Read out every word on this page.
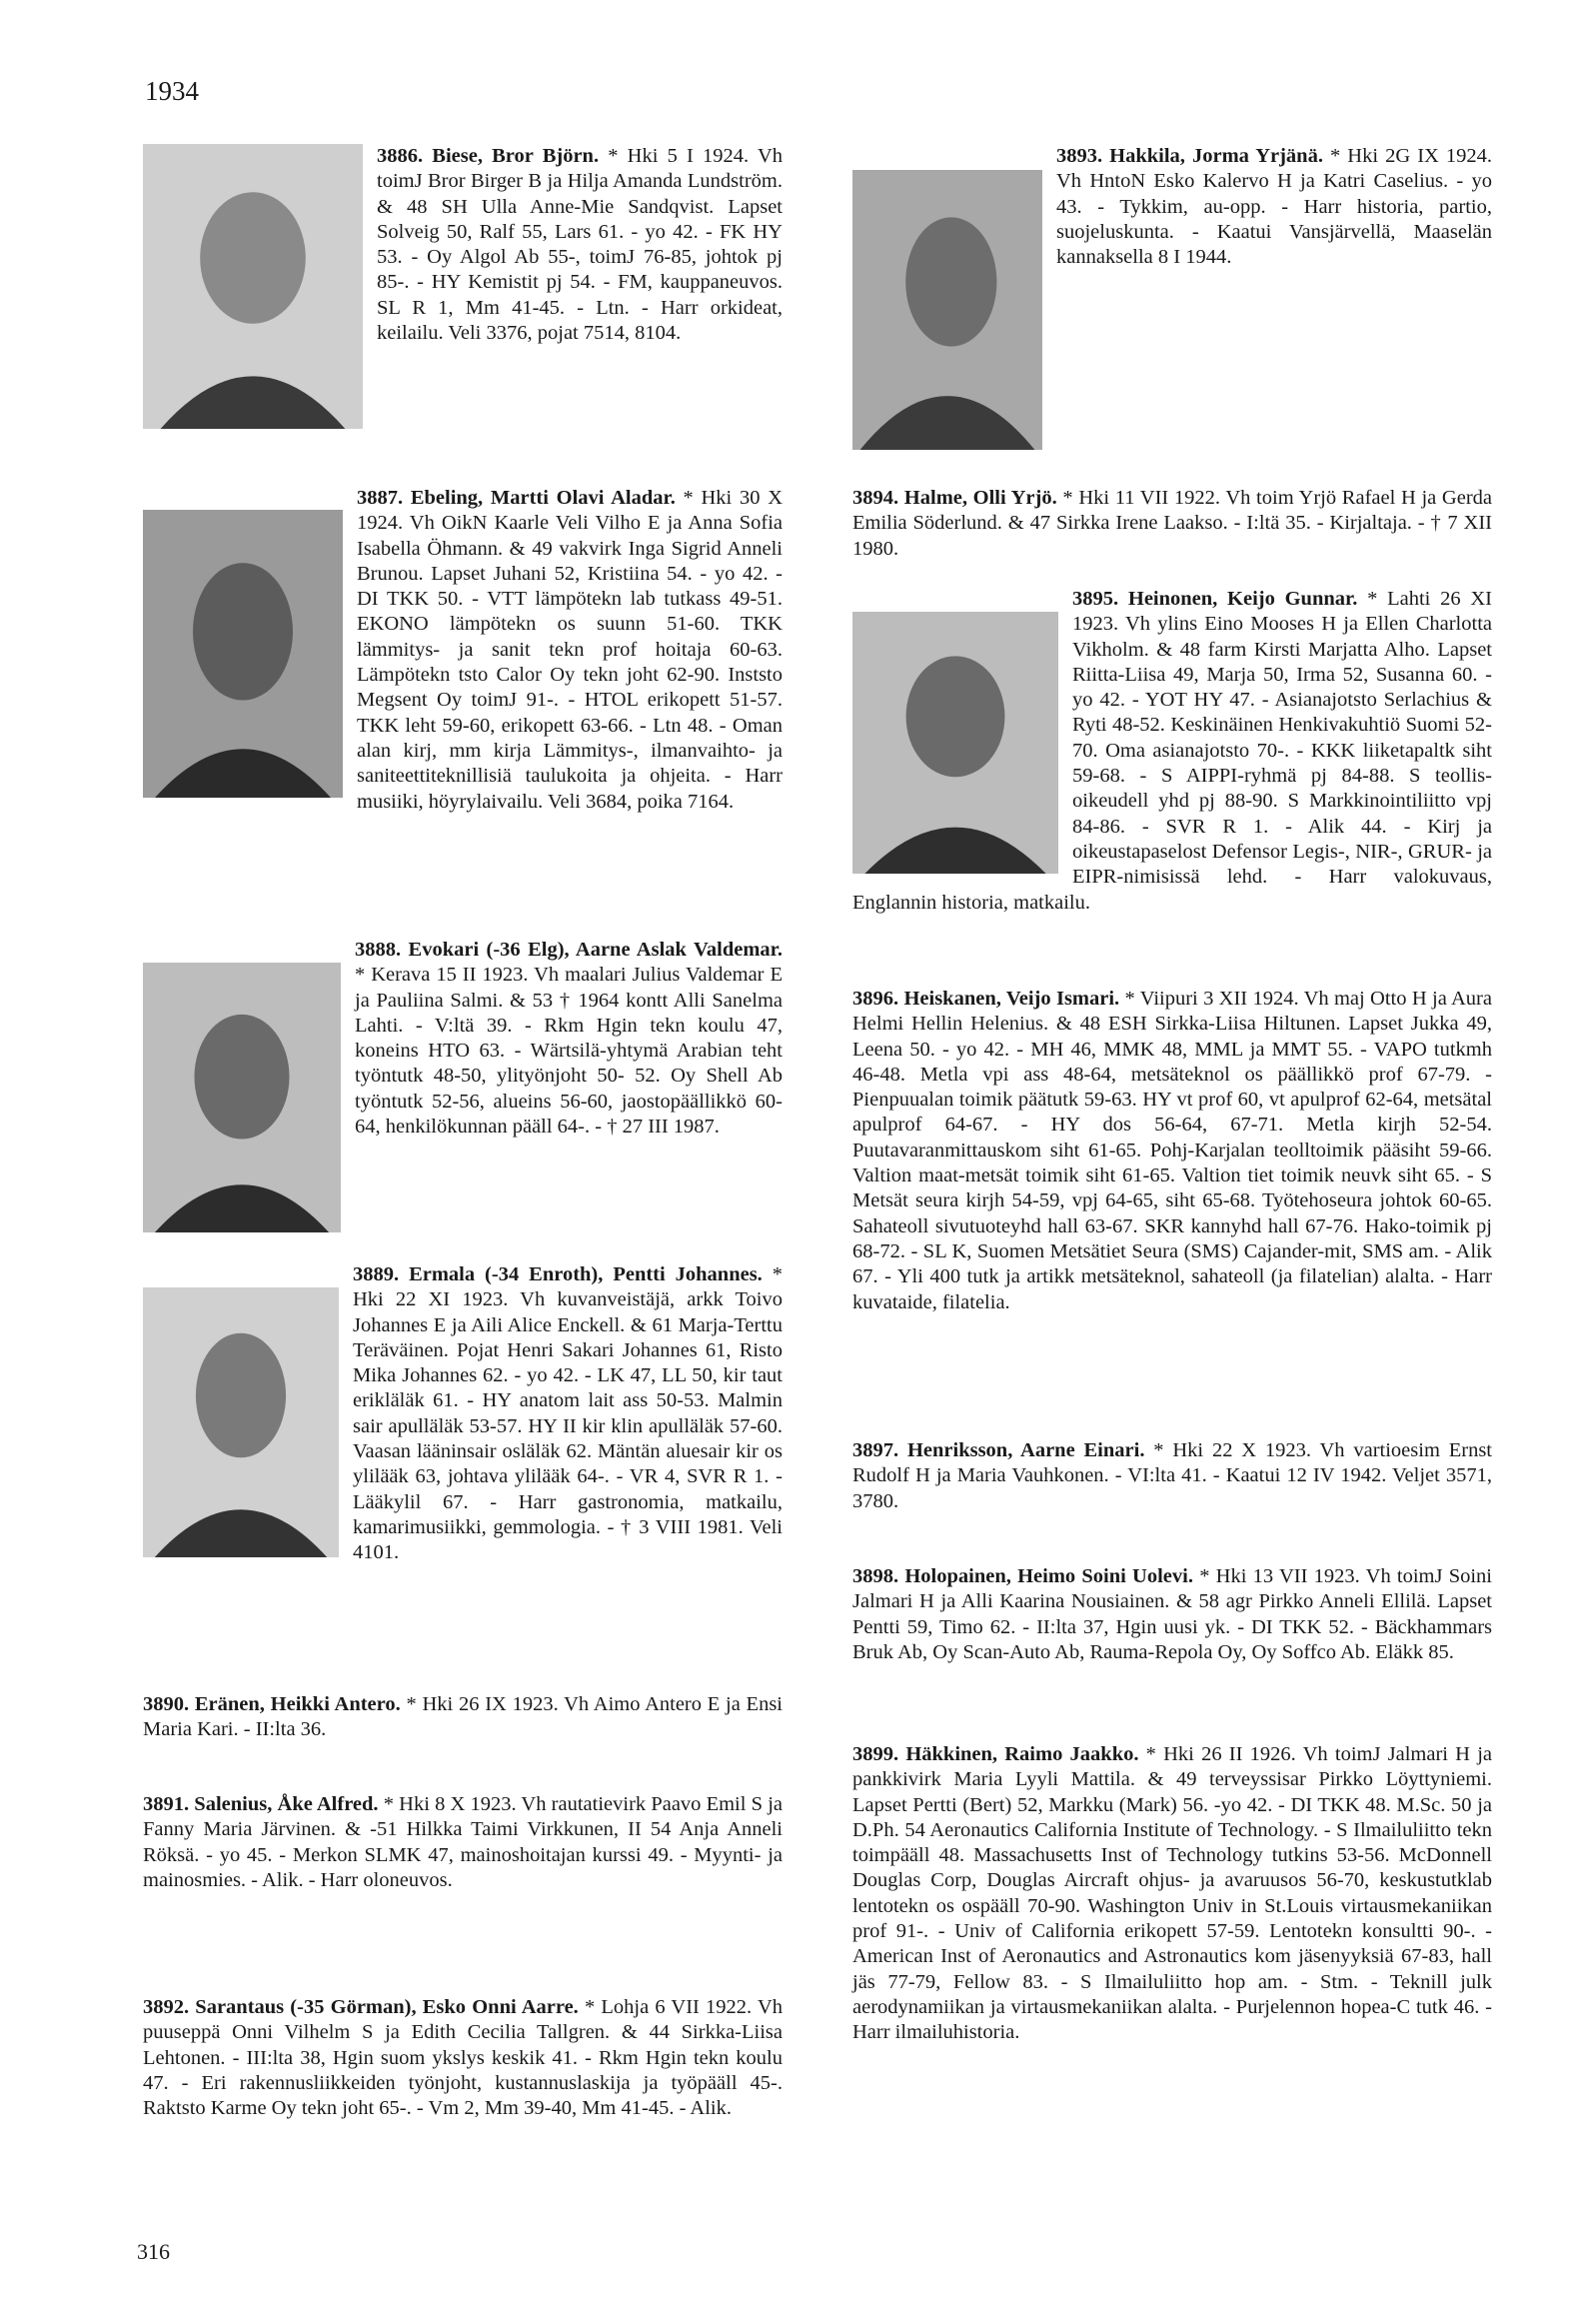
1934
3886. Biese, Bror Björn. * Hki 5 I 1924. Vh toimJ Bror Birger B ja Hilja Amanda Lundström. & 48 SH Ulla Anne-Mie Sandqvist. Lapset Solveig 50, Ralf 55, Lars 61. - yo 42. - FK HY 53. - Oy Algol Ab 55-, toimJ 76-85, johtok pj 85-. - HY Kemistit pj 54. - FM, kauppaneuvos. SL R 1, Mm 41-45. - Ltn. - Harr orkideat, keilailu. Veli 3376, pojat 7514, 8104.
3887. Ebeling, Martti Olavi Aladar. * Hki 30 X 1924. Vh OikN Kaarle Veli Vilho E ja Anna Sofia Isabella Öhmann. & 49 vakvirk Inga Sigrid Anneli Brunou. Lapset Juhani 52, Kristiina 54. - yo 42. - DI TKK 50. - VTT lämpötekn lab tutkass 49-51. EKONO lämpötekn os suunn 51-60. TKK lämmitys- ja sanit tekn prof hoitaja 60-63. Lämpötekn tsto Calor Oy tekn joht 62-90. Inststo Megsent Oy toimJ 91-. - HTOL erikopett 51-57. TKK leht 59-60, erikopett 63-66. - Ltn 48. - Oman alan kirj, mm kirja Lämmitys-, ilmanvaihto- ja saniteettiteknillisiä taulukoita ja ohjeita. - Harr musiiki, höyrylaivailu. Veli 3684, poika 7164.
3888. Evokari (-36 Elg), Aarne Aslak Valdemar. * Kerava 15 II 1923. Vh maalari Julius Valdemar E ja Pauliina Salmi. & 53 † 1964 kontt Alli Sanelma Lahti. - V:ltä 39. - Rkm Hgin tekn koulu 47, koneins HTO 63. - Wärtsilä-yhtymä Arabian teht työntutk 48-50, ylityönjoht 50- 52. Oy Shell Ab työntutk 52-56, alueins 56-60, jaostopäällikkö 60-64, henkilökunnan pääll 64-. - † 27 III 1987.
3889. Ermala (-34 Enroth), Pentti Johannes. * Hki 22 XI 1923. Vh kuvanveistäjä, arkk Toivo Johannes E ja Aili Alice Enckell. & 61 Marja-Terttu Teräväinen. Pojat Henri Sakari Johannes 61, Risto Mika Johannes 62. - yo 42. - LK 47, LL 50, kir taut erikläläk 61. - HY anatom lait ass 50-53. Malmin sair apulläläk 53-57. HY II kir klin apulläläk 57-60. Vaasan lääninsair osläläk 62. Mäntän aluesair kir os ylilääk 63, johtava ylilääk 64-. - VR 4, SVR R 1. - Lääkylil 67. - Harr gastronomia, matkailu, kamarimusiikki, gemmologia. - † 3 VIII 1981. Veli 4101.
3890. Eränen, Heikki Antero. * Hki 26 IX 1923. Vh Aimo Antero E ja Ensi Maria Kari. - II:lta 36.
3891. Salenius, Åke Alfred. * Hki 8 X 1923. Vh rautatievirk Paavo Emil S ja Fanny Maria Järvinen. & -51 Hilkka Taimi Virkkunen, II 54 Anja Anneli Röksä. - yo 45. - Merkon SLMK 47, mainoshoitajan kurssi 49. - Myynti- ja mainosmies. - Alik. - Harr oloneuvos.
3892. Sarantaus (-35 Görman), Esko Onni Aarre. * Lohja 6 VII 1922. Vh puuseppä Onni Vilhelm S ja Edith Cecilia Tallgren. & 44 Sirkka-Liisa Lehtonen. - III:lta 38, Hgin suom ykslys keskik 41. - Rkm Hgin tekn koulu 47. - Eri rakennusliikkeiden työnjoht, kustannuslaskija ja työpääll 45-. Raktsto Karme Oy tekn joht 65-. - Vm 2, Mm 39-40, Mm 41-45. - Alik.
3893. Hakkila, Jorma Yrjänä. * Hki 2G IX 1924. Vh HntoN Esko Kalervo H ja Katri Caselius. - yo 43. - Tykkim, au-opp. - Harr historia, partio, suojeluskunta. - Kaatui Vansjärvellä, Maaselän kannaksella 8 I 1944.
3894. Halme, Olli Yrjö. * Hki 11 VII 1922. Vh toim Yrjö Rafael H ja Gerda Emilia Söderlund. & 47 Sirkka Irene Laakso. - I:ltä 35. - Kirjaltaja. - † 7 XII 1980.
3895. Heinonen, Keijo Gunnar. * Lahti 26 XI 1923. Vh ylins Eino Mooses H ja Ellen Charlotta Vikholm. & 48 farm Kirsti Marjatta Alho. Lapset Riitta-Liisa 49, Marja 50, Irma 52, Susanna 60. - yo 42. - YOT HY 47. - Asianajotsto Serlachius & Ryti 48-52. Keskinäinen Henkivakuhtiö Suomi 52-70. Oma asianajotsto 70-. - KKK liiketapaltk siht 59-68. - S AIPPI-ryhmä pj 84-88. S teollis-oikeudell yhd pj 88-90. S Markkinointiliitto vpj 84-86. - SVR R 1. - Alik 44. - Kirj ja oikeustapaselost Defensor Legis-, NIR-, GRUR- ja EIPR-nimisissä lehd. - Harr valokuvaus, Englannin historia, matkailu.
3896. Heiskanen, Veijo Ismari. * Viipuri 3 XII 1924. Vh maj Otto H ja Aura Helmi Hellin Helenius. & 48 ESH Sirkka-Liisa Hiltunen. Lapset Jukka 49, Leena 50. - yo 42. - MH 46, MMK 48, MML ja MMT 55. - VAPO tutkmh 46-48. Metla vpi ass 48-64, metsäteknol os päällikkö prof 67-79. - Pienpuualan toimik päätutk 59-63. HY vt prof 60, vt apulprof 62-64, metsätal apulprof 64-67. - HY dos 56-64, 67-71. Metla kirjh 52-54. Puutavaranmittauskom siht 61-65. Pohj-Karjalan teolltoimik pääsiht 59-66. Valtion maat-metsät toimik siht 61-65. Valtion tiet toimik neuvk siht 65. - S Metsät seura kirjh 54-59, vpj 64-65, siht 65-68. Työtehoseura johtok 60-65. Sahateoll sivutuoteyhd hall 63-67. SKR kannyhd hall 67-76. Hako-toimik pj 68-72. - SL K, Suomen Metsätiet Seura (SMS) Cajander-mit, SMS am. - Alik 67. - Yli 400 tutk ja artikk metsäteknol, sahateoll (ja filatelian) alalta. - Harr kuvataide, filatelia.
3897. Henriksson, Aarne Einari. * Hki 22 X 1923. Vh vartioesim Ernst Rudolf H ja Maria Vauhkonen. - VI:lta 41. - Kaatui 12 IV 1942. Veljet 3571, 3780.
3898. Holopainen, Heimo Soini Uolevi. * Hki 13 VII 1923. Vh toimJ Soini Jalmari H ja Alli Kaarina Nousiainen. & 58 agr Pirkko Anneli Ellilä. Lapset Pentti 59, Timo 62. - II:lta 37, Hgin uusi yk. - DI TKK 52. - Bäckhammars Bruk Ab, Oy Scan-Auto Ab, Rauma-Repola Oy, Oy Soffco Ab. Eläkk 85.
3899. Häkkinen, Raimo Jaakko. * Hki 26 II 1926. Vh toimJ Jalmari H ja pankkivirk Maria Lyyli Mattila. & 49 terveyssisar Pirkko Löyttyniemi. Lapset Pertti (Bert) 52, Markku (Mark) 56. -yo 42. - DI TKK 48. M.Sc. 50 ja D.Ph. 54 Aeronautics California Institute of Technology. - S Ilmailuliitto tekn toimpääll 48. Massachusetts Inst of Technology tutkins 53-56. McDonnell Douglas Corp, Douglas Aircraft ohjus- ja avaruusos 56-70, keskustutklab lentotekn os ospääll 70-90. Washington Univ in St.Louis virtausmekaniikan prof 91-. - Univ of California erikopett 57-59. Lentotekn konsultti 90-. - American Inst of Aeronautics and Astronautics kom jäsenyyksiä 67-83, hall jäs 77-79, Fellow 83. - S Ilmailuliitto hop am. - Stm. - Teknill julk aerodynamiikan ja virtausmekaniikan alalta. - Purjelennon hopea-C tutk 46. - Harr ilmailuhistoria.
316
